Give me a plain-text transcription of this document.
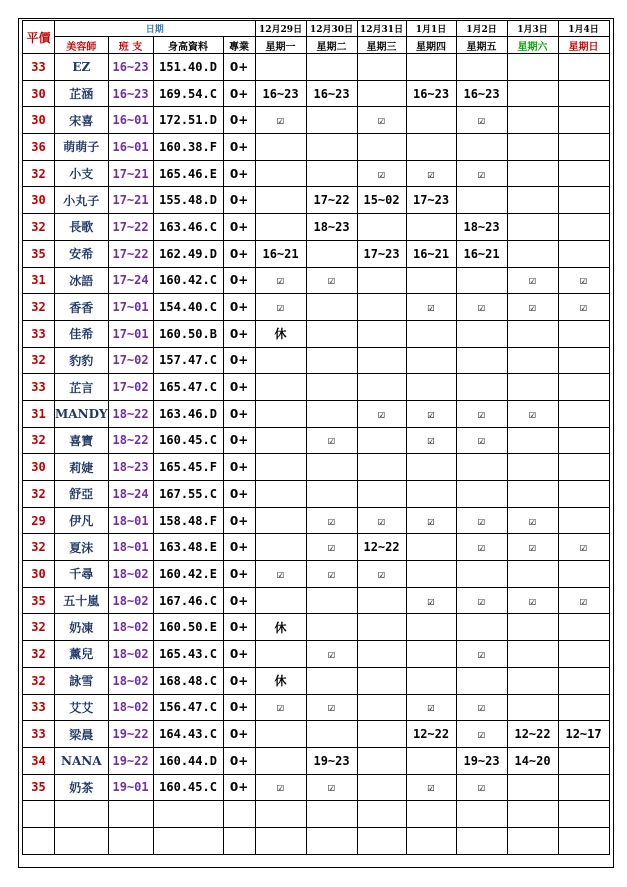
平價	日期				12月29日	12月30日	12月31日	1月1日	1月2日	1月3日	1月4日
	美容師	班 支	身高資料	專業	星期一	星期二	星期三	星期四	星期五	星期六	星期日
33	EZ	16~23	151.40.D	0+							
30	芷涵	16~23	169.54.C	0+	16~23	16~23		16~23	16~23		
30	宋喜	16~01	172.51.D	0+	☑		☑		☑		
36	萌萌子	16~01	160.38.F	0+							
32	小支	17~21	165.46.E	0+			☑	☑	☑		
30	小丸子	17~21	155.48.D	0+		17~22	15~02	17~23			
32	長歌	17~22	163.46.C	0+		18~23			18~23		
35	安希	17~22	162.49.D	0+	16~21		17~23	16~21	16~21		
31	冰語	17~24	160.42.C	0+	☑	☑				☑	☑
32	香香	17~01	154.40.C	0+	☑			☑	☑	☑	☑
33	佳希	17~01	160.50.B	0+	休						
32	豹豹	17~02	157.47.C	0+							
33	芷言	17~02	165.47.C	0+							
31	MANDY	18~22	163.46.D	0+			☑	☑	☑	☑	
32	喜寶	18~22	160.45.C	0+		☑		☑	☑		
30	莉婕	18~23	165.45.F	0+							
32	舒亞	18~24	167.55.C	0+							
29	伊凡	18~01	158.48.F	0+		☑	☑	☑	☑	☑	
32	夏沫	18~01	163.48.E	0+		☑	12~22		☑	☑	☑
30	千尋	18~02	160.42.E	0+	☑	☑	☑				
35	五十嵐	18~02	167.46.C	0+				☑	☑	☑	☑
32	奶凍	18~02	160.50.E	0+	休						
32	薰兒	18~02	165.43.C	0+		☑			☑		
32	詠雪	18~02	168.48.C	0+	休						
33	艾艾	18~02	156.47.C	0+	☑	☑		☑	☑		
33	梁晨	19~22	164.43.C	0+				12~22	☑	12~22	12~17
34	NANA	19~22	160.44.D	0+		19~23			19~23	14~20	
35	奶茶	19~01	160.45.C	0+	☑	☑		☑	☑		
